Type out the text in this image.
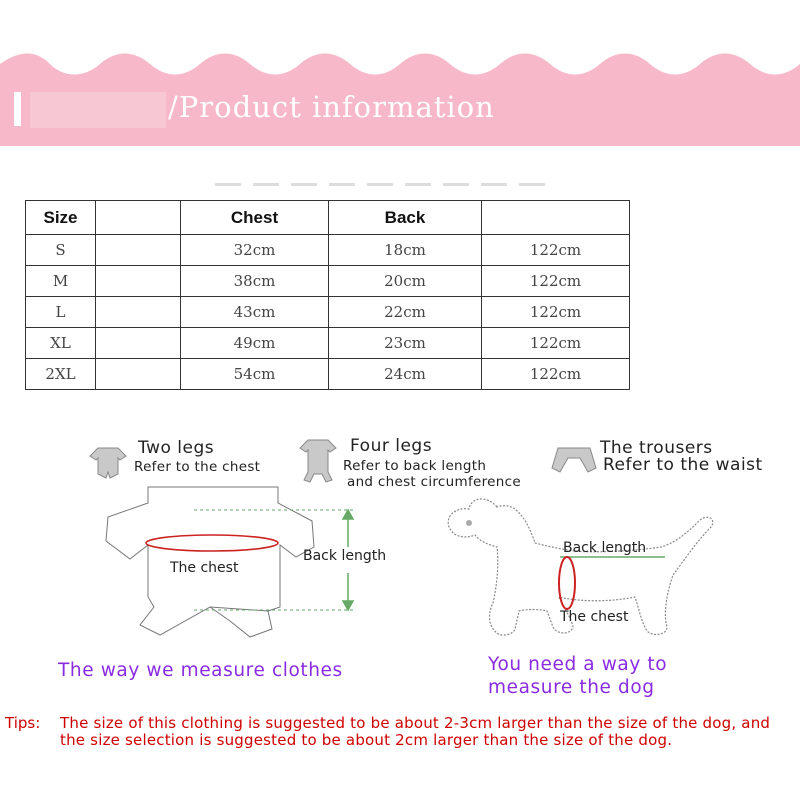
/Product information
Size		Chest	Back	
S		32cm	18cm	122cm
M		38cm	20cm	122cm
L		43cm	22cm	122cm
XL		49cm	23cm	122cm
2XL		54cm	24cm	122cm
Two legs
Refer to the chest
Four legs
Refer to back length
and chest circumference
The trousers
Refer to the waist
The chest
Back length
The way we measure clothes
Back length
The chest
You need a way to
measure the dog
Tips: The size of this clothing is suggested to be about 2-3cm larger than the size of the dog, and the size selection is suggested to be about 2cm larger than the size of the dog.
